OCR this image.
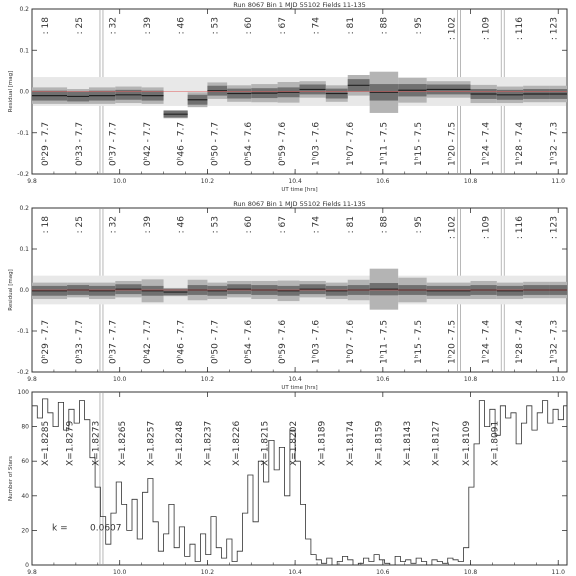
9.8	10.0	10.2	10.4	10.6	10.8	11.0
-0.2
-0.1
0.0
0.1
0.2
Run 8067 Bin 1 MJD 55102 Fields 11-135
UT time [hrs]
Residual [mag]
: 18	: 25	: 32	: 39	: 46	: 53	: 60	: 67	: 74	: 81	: 88	: 95	: 102	: 109	: 116	: 123
0ʰ29 - 7.7	0ʰ33 - 7.7	0ʰ37 - 7.7	0ʰ42 - 7.7	0ʰ46 - 7.7	0ʰ50 - 7.7	0ʰ54 - 7.6	0ʰ59 - 7.6	1ʰ03 - 7.6	1ʰ07 - 7.6	1ʰ11 - 7.5	1ʰ15 - 7.5	1ʰ20 - 7.5	1ʰ24 - 7.4	1ʰ28 - 7.4	1ʰ32 - 7.3
9.8	10.0	10.2	10.4	10.6	10.8	11.0
-0.2
-0.1
0.0
0.1
0.2
Run 8067 Bin 1 MJD 55102 Fields 11-135
UT time [hrs]
Residual [mag]
: 18	: 25	: 32	: 39	: 46	: 53	: 60	: 67	: 74	: 81	: 88	: 95	: 102	: 109	: 116	: 123
0ʰ29 - 7.7	0ʰ33 - 7.7	0ʰ37 - 7.7	0ʰ42 - 7.7	0ʰ46 - 7.7	0ʰ50 - 7.7	0ʰ54 - 7.6	0ʰ59 - 7.6	1ʰ03 - 7.6	1ʰ07 - 7.6	1ʰ11 - 7.5	1ʰ15 - 7.5	1ʰ20 - 7.5	1ʰ24 - 7.4	1ʰ28 - 7.4	1ʰ32 - 7.3
9.8	10.0	10.2	10.4	10.6	10.8	11.0
0
20
40
60
80
100
Number of Stars
X=1.8285 X=1.8279 X=1.8273 X=1.8265 X=1.8257 X=1.8248 X=1.8237 X=1.8226 X=1.8215 X=1.8202 X=1.8189 X=1.8174 X=1.8159 X=1.8143 X=1.8127 X=1.8109 X=1.8091
k = 0.0607
